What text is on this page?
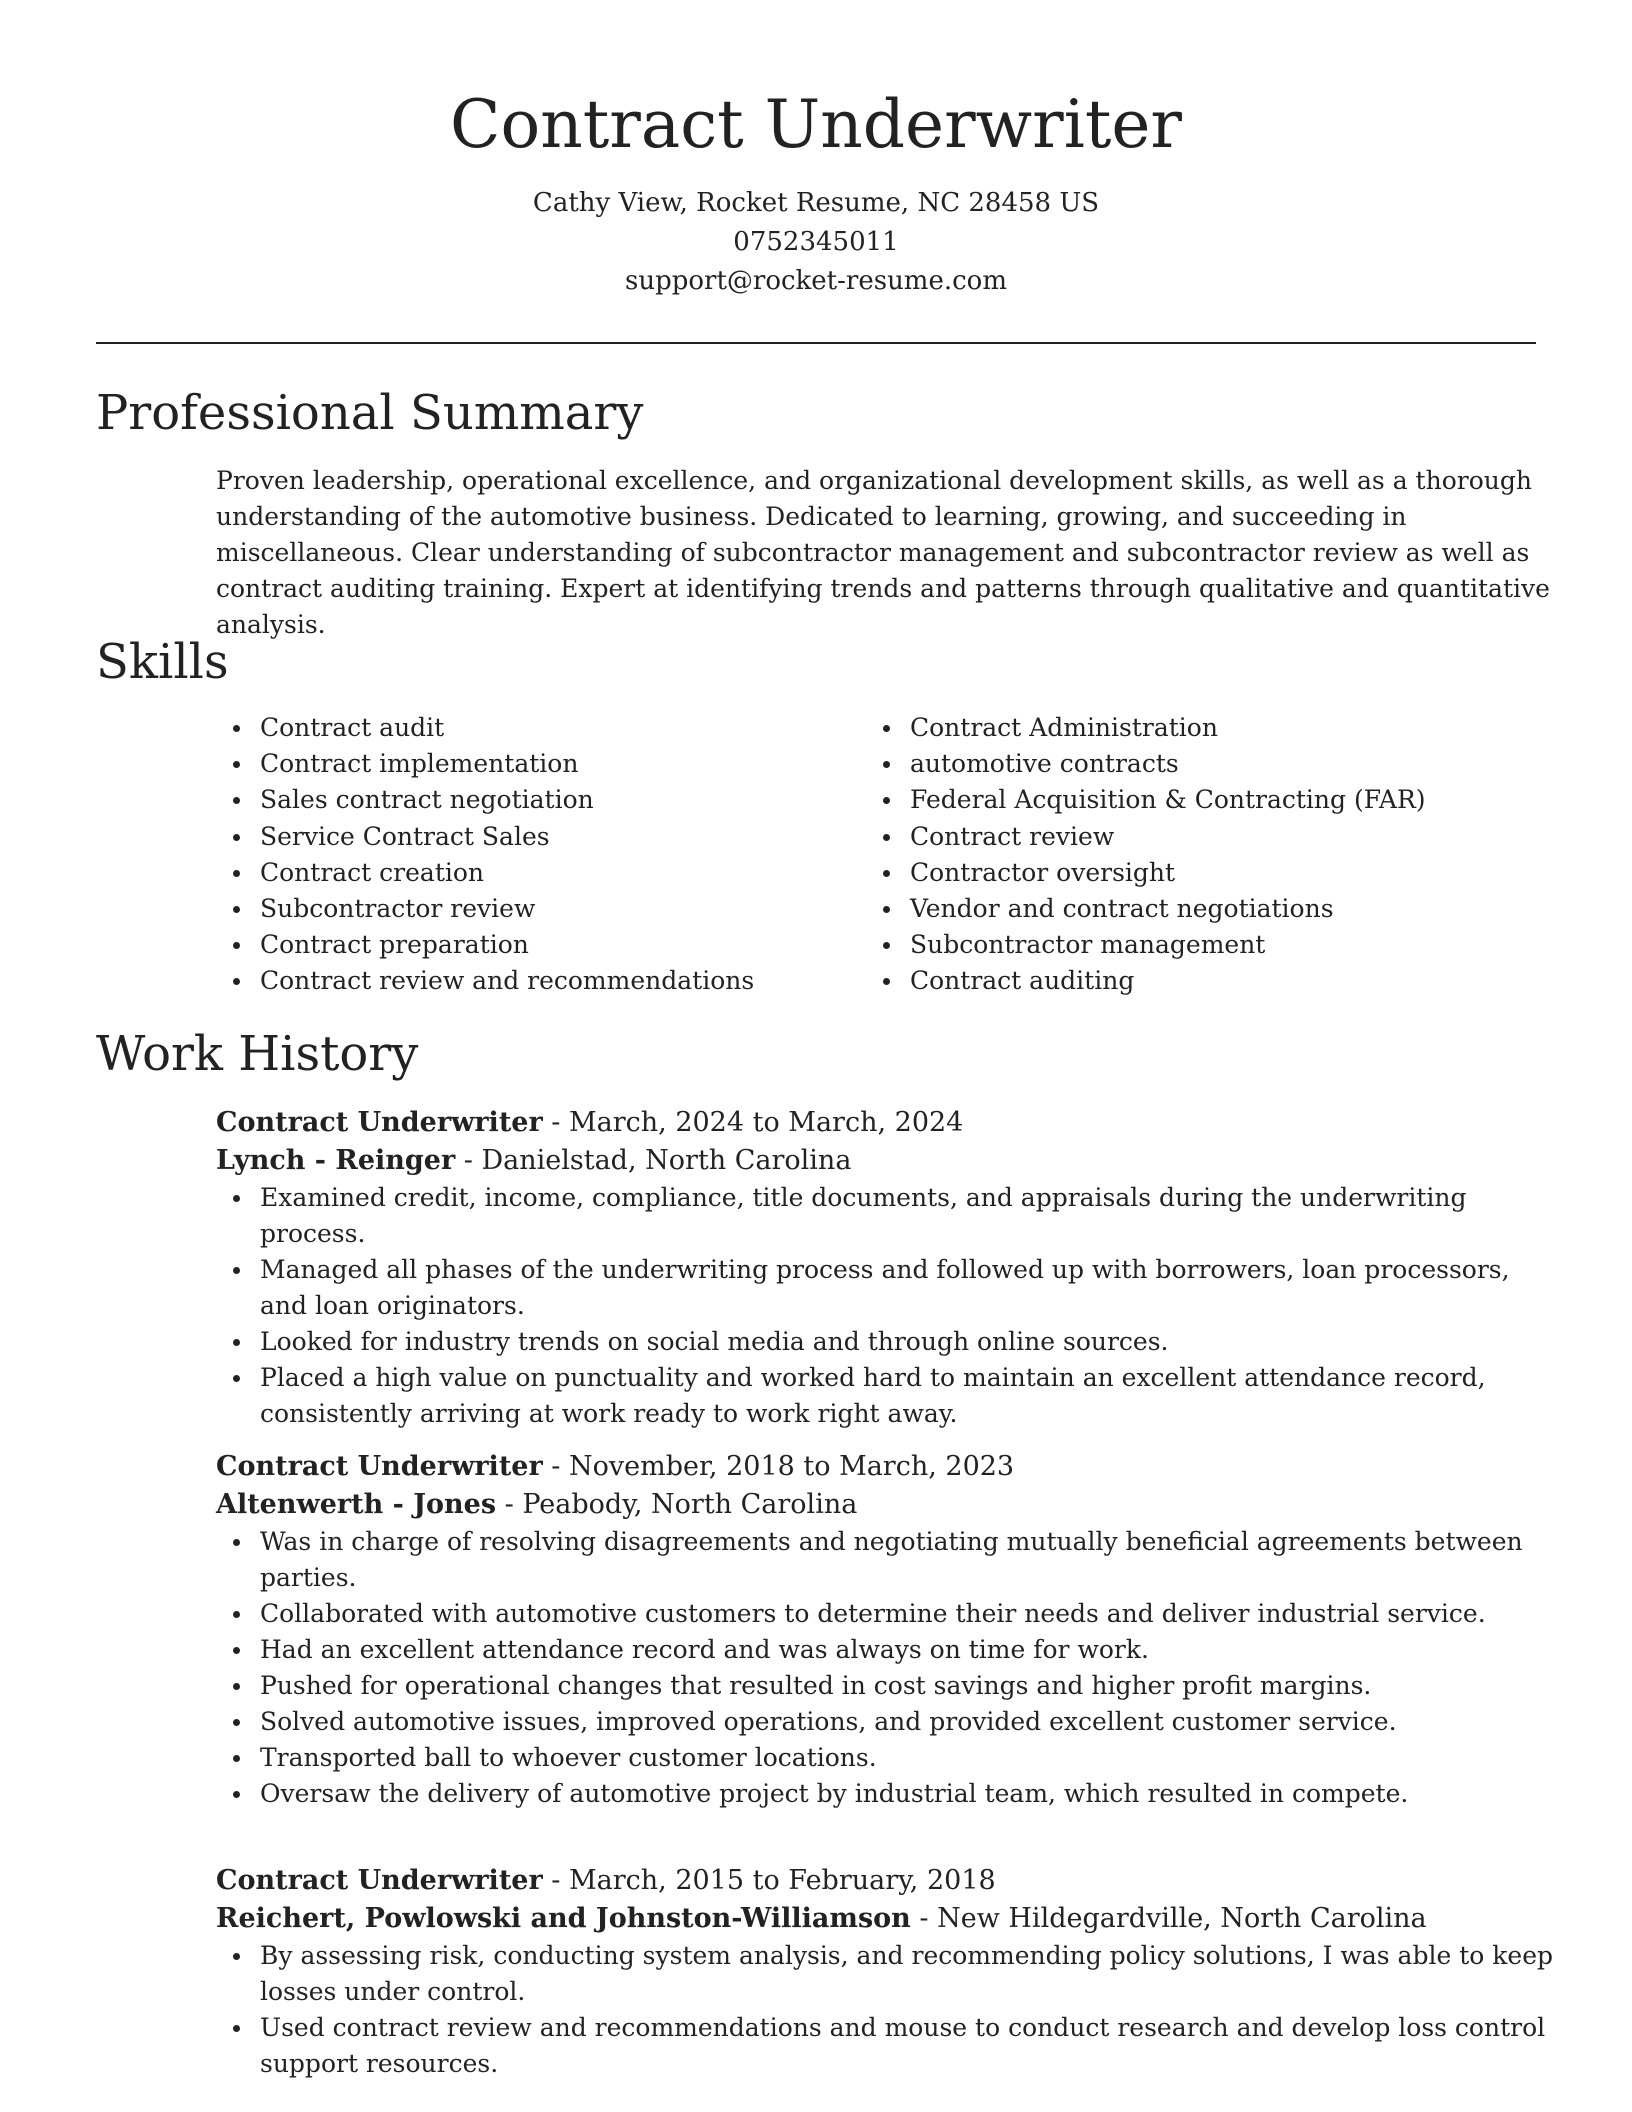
Contract Underwriter

Cathy View, Rocket Resume, NC 28458 US

0752345011

support@rocket-resume.com

Professional Summary

Proven leadership, operational excellence, and organizational development skills, as well as a thorough understanding of the automotive business. Dedicated to learning, growing, and succeeding in miscellaneous. Clear understanding of subcontractor management and subcontractor review as well as contract auditing training. Expert at identifying trends and patterns through qualitative and quantitative analysis.

Skills
Contract audit
Contract implementation
Sales contract negotiation
Service Contract Sales
Contract creation
Subcontractor review
Contract preparation
Contract review and recommendations
Contract Administration
automotive contracts
Federal Acquisition & Contracting (FAR)
Contract review
Contractor oversight
Vendor and contract negotiations
Subcontractor management
Contract auditing
Work History

Contract Underwriter - March, 2024 to March, 2024

Lynch - Reinger - Danielstad, North Carolina

Examined credit, income, compliance, title documents, and appraisals during the underwriting process.
Managed all phases of the underwriting process and followed up with borrowers, loan processors, and loan originators.
Looked for industry trends on social media and through online sources.
Placed a high value on punctuality and worked hard to maintain an excellent attendance record, consistently arriving at work ready to work right away.

Contract Underwriter - November, 2018 to March, 2023

Altenwerth - Jones - Peabody, North Carolina

Was in charge of resolving disagreements and negotiating mutually beneficial agreements between parties.
Collaborated with automotive customers to determine their needs and deliver industrial service.
Had an excellent attendance record and was always on time for work.
Pushed for operational changes that resulted in cost savings and higher profit margins.
Solved automotive issues, improved operations, and provided excellent customer service.
Transported ball to whoever customer locations.
Oversaw the delivery of automotive project by industrial team, which resulted in compete.

Contract Underwriter - March, 2015 to February, 2018

Reichert, Powlowski and Johnston-Williamson - New Hildegardville, North Carolina

By assessing risk, conducting system analysis, and recommending policy solutions, I was able to keep losses under control.
Used contract review and recommendations and mouse to conduct research and develop loss control support resources.
